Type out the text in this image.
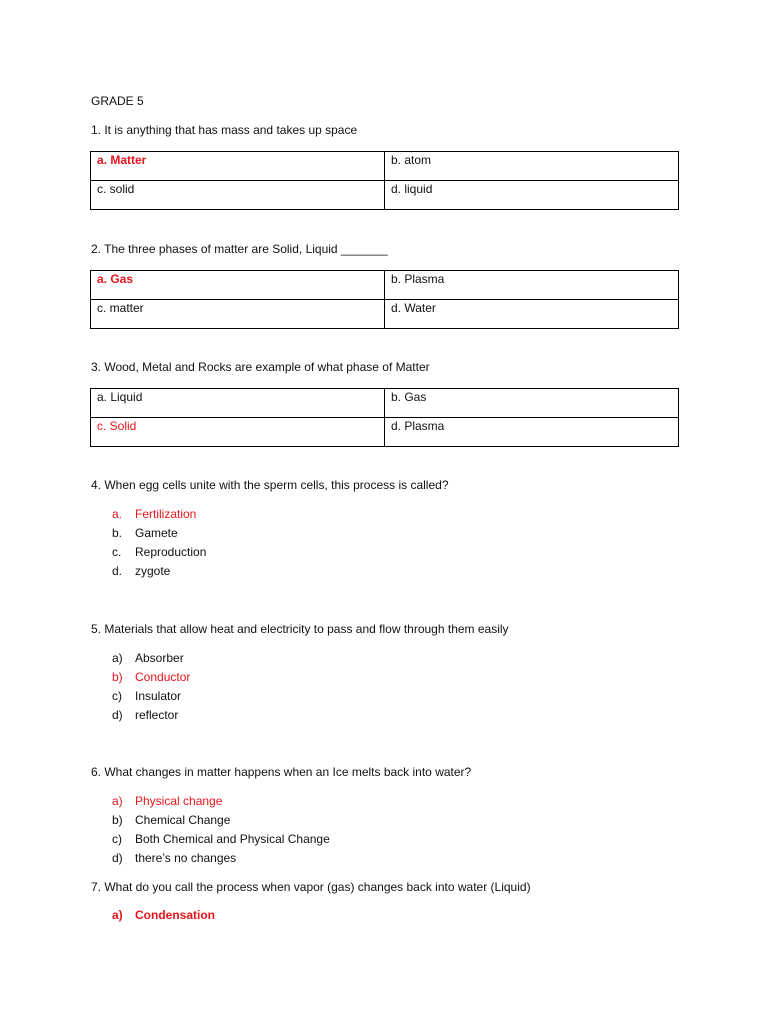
GRADE 5
1. It is anything that has mass and takes up space
a. Matter	b. atom
c. solid	d. liquid
2. The three phases of matter are Solid, Liquid _______
a. Gas	b. Plasma
c. matter	d. Water
3. Wood, Metal and Rocks are example of what phase of Matter
a. Liquid	b. Gas
c. Solid	d. Plasma
4. When egg cells unite with the sperm cells, this process is called?
a. Fertilization
b. Gamete
c. Reproduction
d. zygote
5. Materials that allow heat and electricity to pass and flow through them easily
a) Absorber
b) Conductor
c) Insulator
d) reflector
6. What changes in matter happens when an Ice melts back into water?
a) Physical change
b) Chemical Change
c) Both Chemical and Physical Change
d) there’s no changes
7. What do you call the process when vapor (gas) changes back into water (Liquid)
a) Condensation
